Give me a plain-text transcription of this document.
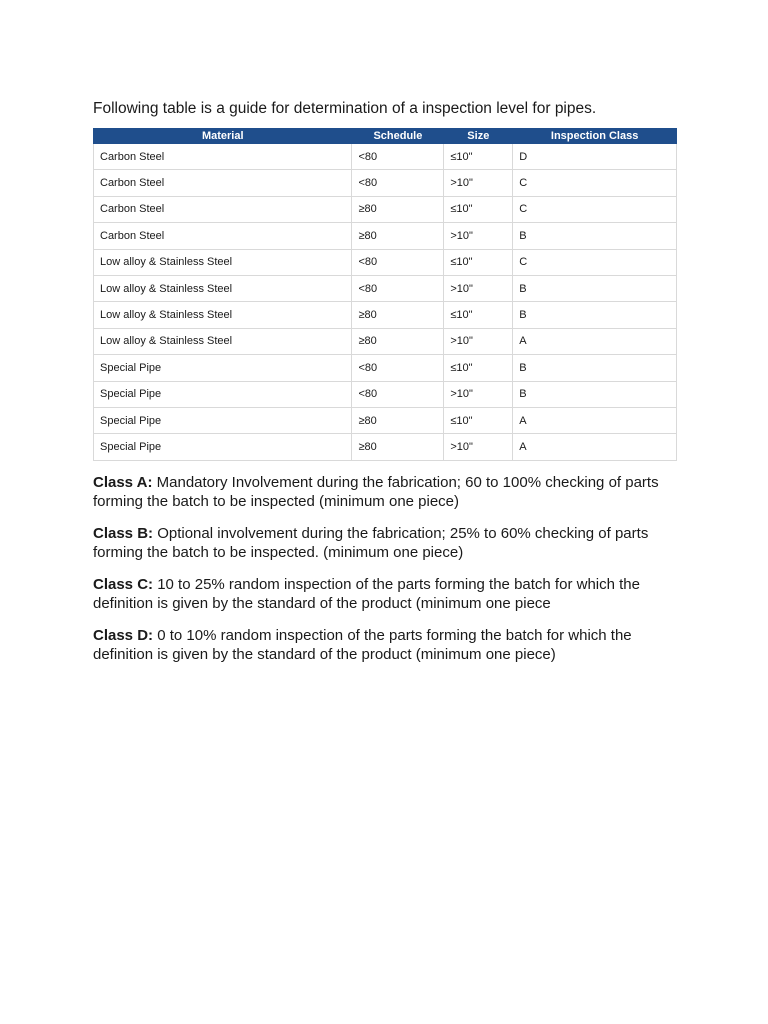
Following table is a guide for determination of a inspection level for pipes.
Material	Schedule	Size	Inspection Class
Carbon Steel	<80	≤10"	D
Carbon Steel	<80	>10"	C
Carbon Steel	≥80	≤10"	C
Carbon Steel	≥80	>10"	B
Low alloy & Stainless Steel	<80	≤10"	C
Low alloy & Stainless Steel	<80	>10"	B
Low alloy & Stainless Steel	≥80	≤10"	B
Low alloy & Stainless Steel	≥80	>10"	A
Special Pipe	<80	≤10"	B
Special Pipe	<80	>10"	B
Special Pipe	≥80	≤10"	A
Special Pipe	≥80	>10"	A

Class A: Mandatory Involvement during the fabrication; 60 to 100% checking of parts forming the batch to be inspected (minimum one piece)

Class B: Optional involvement during the fabrication; 25% to 60% checking of parts forming the batch to be inspected. (minimum one piece)

Class C: 10 to 25% random inspection of the parts forming the batch for which the definition is given by the standard of the product (minimum one piece

Class D: 0 to 10% random inspection of the parts forming the batch for which the definition is given by the standard of the product (minimum one piece)
